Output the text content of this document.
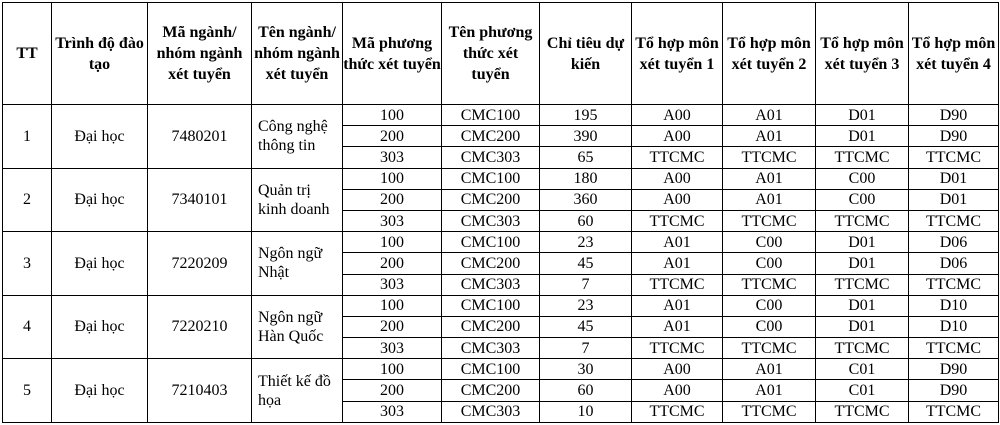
TT	Trình độ đào tạo	Mã ngành/ nhóm ngành xét tuyển	Tên ngành/ nhóm ngành xét tuyển	Mã phương thức xét tuyển	Tên phương thức xét tuyển	Chỉ tiêu dự kiến	Tổ hợp môn xét tuyển 1	Tổ hợp môn xét tuyển 2	Tổ hợp môn xét tuyển 3	Tổ hợp môn xét tuyển 4
1	Đại học	7480201	Công nghệ thông tin	100	CMC100	195	A00	A01	D01	D90
				200	CMC200	390	A00	A01	D01	D90
				303	CMC303	65	TTCMC	TTCMC	TTCMC	TTCMC
2	Đại học	7340101	Quản trị kinh doanh	100	CMC100	180	A00	A01	C00	D01
				200	CMC200	360	A00	A01	C00	D01
				303	CMC303	60	TTCMC	TTCMC	TTCMC	TTCMC
3	Đại học	7220209	Ngôn ngữ Nhật	100	CMC100	23	A01	C00	D01	D06
				200	CMC200	45	A01	C00	D01	D06
				303	CMC303	7	TTCMC	TTCMC	TTCMC	TTCMC
4	Đại học	7220210	Ngôn ngữ Hàn Quốc	100	CMC100	23	A01	C00	D01	D10
				200	CMC200	45	A01	C00	D01	D10
				303	CMC303	7	TTCMC	TTCMC	TTCMC	TTCMC
5	Đại học	7210403	Thiết kế đồ họa	100	CMC100	30	A00	A01	C01	D90
				200	CMC200	60	A00	A01	C01	D90
				303	CMC303	10	TTCMC	TTCMC	TTCMC	TTCMC
